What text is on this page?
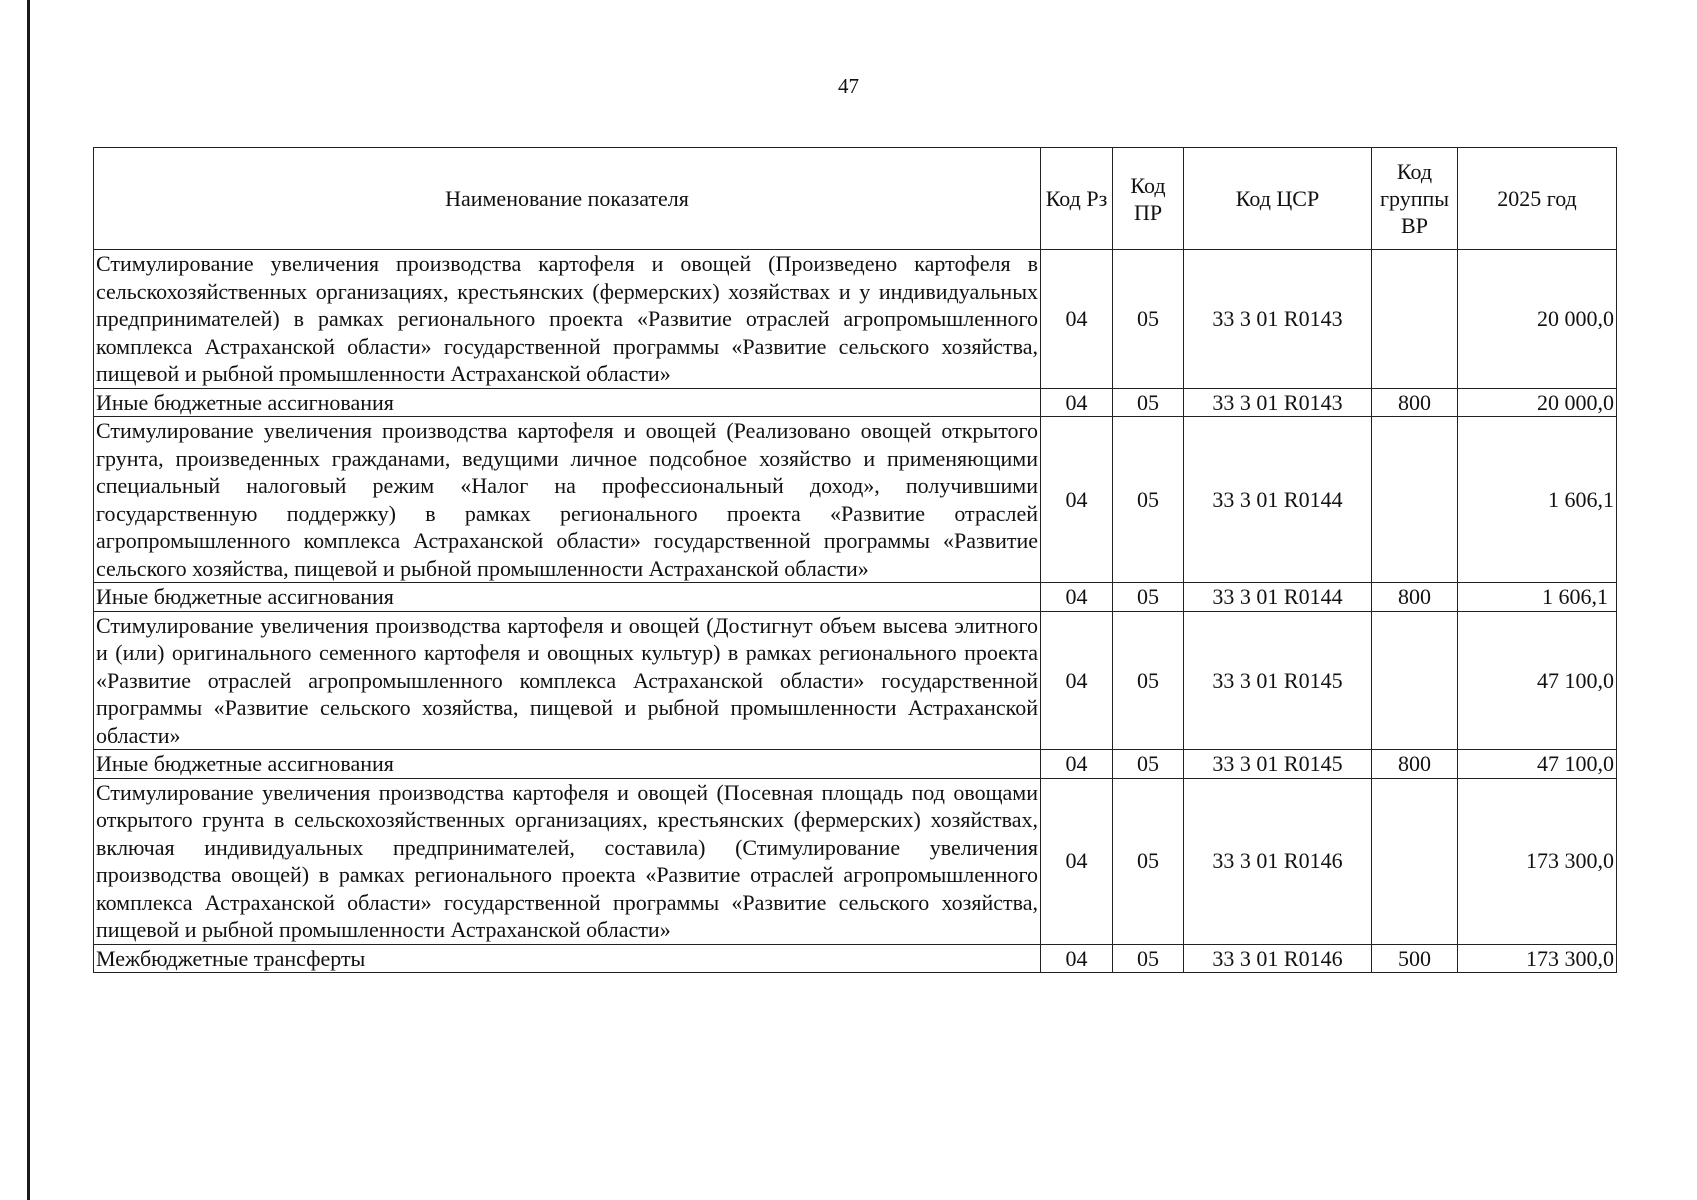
47
Наименование показателя	Код Рз	Код ПР	Код ЦСР	Код группы ВР	2025 год
Стимулирование увеличения производства картофеля и овощей (Произведено картофеля в сельскохозяйственных организациях, крестьянских (фермерских) хозяйствах и у индивидуальных предпринимателей) в рамках регионального проекта «Развитие отраслей агропромышленного комплекса Астраханской области» государственной программы «Развитие сельского хозяйства, пищевой и рыбной промышленности Астраханской области»	04	05	33 3 01 R0143		20 000,0
Иные бюджетные ассигнования	04	05	33 3 01 R0143	800	20 000,0
Стимулирование увеличения производства картофеля и овощей (Реализовано овощей открытого грунта, произведенных гражданами, ведущими личное подсобное хозяйство и применяющими специальный налоговый режим «Налог на профессиональный доход», получившими государственную поддержку) в рамках регионального проекта «Развитие отраслей агропромышленного комплекса Астраханской области» государственной программы «Развитие сельского хозяйства, пищевой и рыбной промышленности Астраханской области»	04	05	33 3 01 R0144		1 606,1
Иные бюджетные ассигнования	04	05	33 3 01 R0144	800	1 606,1
Стимулирование увеличения производства картофеля и овощей (Достигнут объем высева элитного и (или) оригинального семенного картофеля и овощных культур) в рамках регионального проекта «Развитие отраслей агропромышленного комплекса Астраханской области» государственной программы «Развитие сельского хозяйства, пищевой и рыбной промышленности Астраханской области»	04	05	33 3 01 R0145		47 100,0
Иные бюджетные ассигнования	04	05	33 3 01 R0145	800	47 100,0
Стимулирование увеличения производства картофеля и овощей (Посевная площадь под овощами открытого грунта в сельскохозяйственных организациях, крестьянских (фермерских) хозяйствах, включая индивидуальных предпринимателей, составила) (Стимулирование увеличения производства овощей) в рамках регионального проекта «Развитие отраслей агропромышленного комплекса Астраханской области» государственной программы «Развитие сельского хозяйства, пищевой и рыбной промышленности Астраханской области»	04	05	33 3 01 R0146		173 300,0
Межбюджетные трансферты	04	05	33 3 01 R0146	500	173 300,0
